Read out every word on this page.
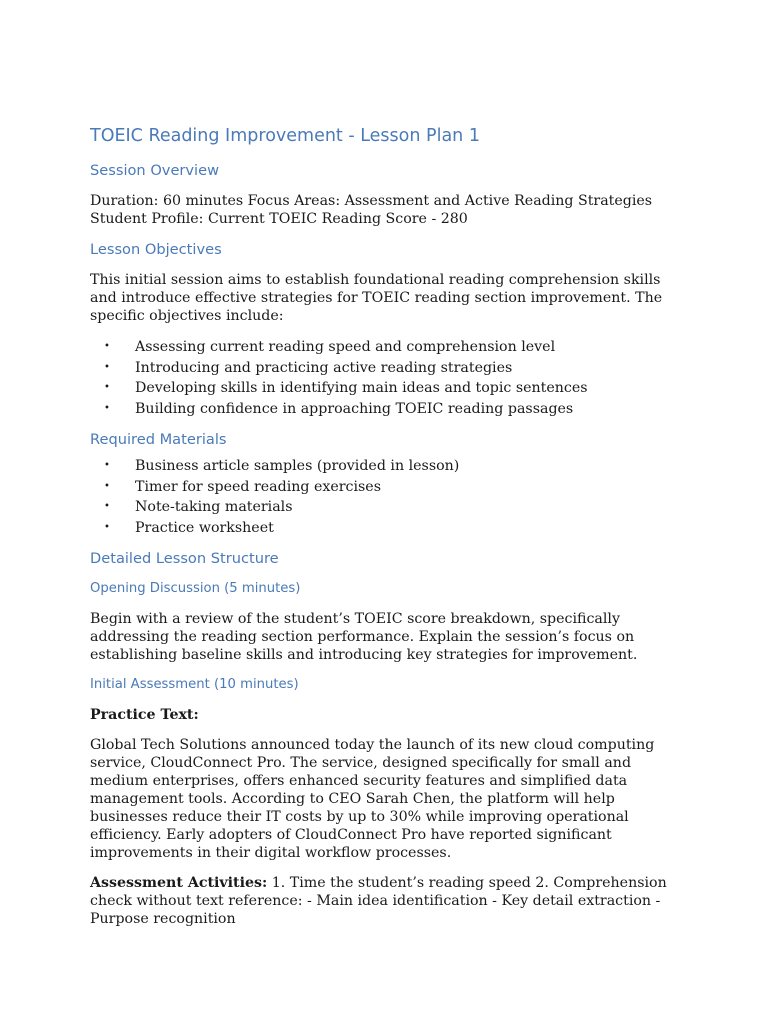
TOEIC Reading Improvement - Lesson Plan 1
Session Overview

Duration: 60 minutes Focus Areas: Assessment and Active Reading Strategies Student Profile: Current TOEIC Reading Score - 280

Lesson Objectives

This initial session aims to establish foundational reading comprehension skills and introduce effective strategies for TOEIC reading section improvement. The specific objectives include:

• Assessing current reading speed and comprehension level
• Introducing and practicing active reading strategies
• Developing skills in identifying main ideas and topic sentences
• Building confidence in approaching TOEIC reading passages
Required Materials
• Business article samples (provided in lesson)
• Timer for speed reading exercises
• Note-taking materials
• Practice worksheet
Detailed Lesson Structure
Opening Discussion (5 minutes)

Begin with a review of the student’s TOEIC score breakdown, specifically addressing the reading section performance. Explain the session’s focus on establishing baseline skills and introducing key strategies for improvement.

Initial Assessment (10 minutes)

Practice Text:

Global Tech Solutions announced today the launch of its new cloud computing service, CloudConnect Pro. The service, designed specifically for small and medium enterprises, offers enhanced security features and simplified data management tools. According to CEO Sarah Chen, the platform will help businesses reduce their IT costs by up to 30% while improving operational efficiency. Early adopters of CloudConnect Pro have reported significant improvements in their digital workflow processes.

Assessment Activities: 1. Time the student’s reading speed 2. Comprehension check without text reference: - Main idea identification - Key detail extraction - Purpose recognition
